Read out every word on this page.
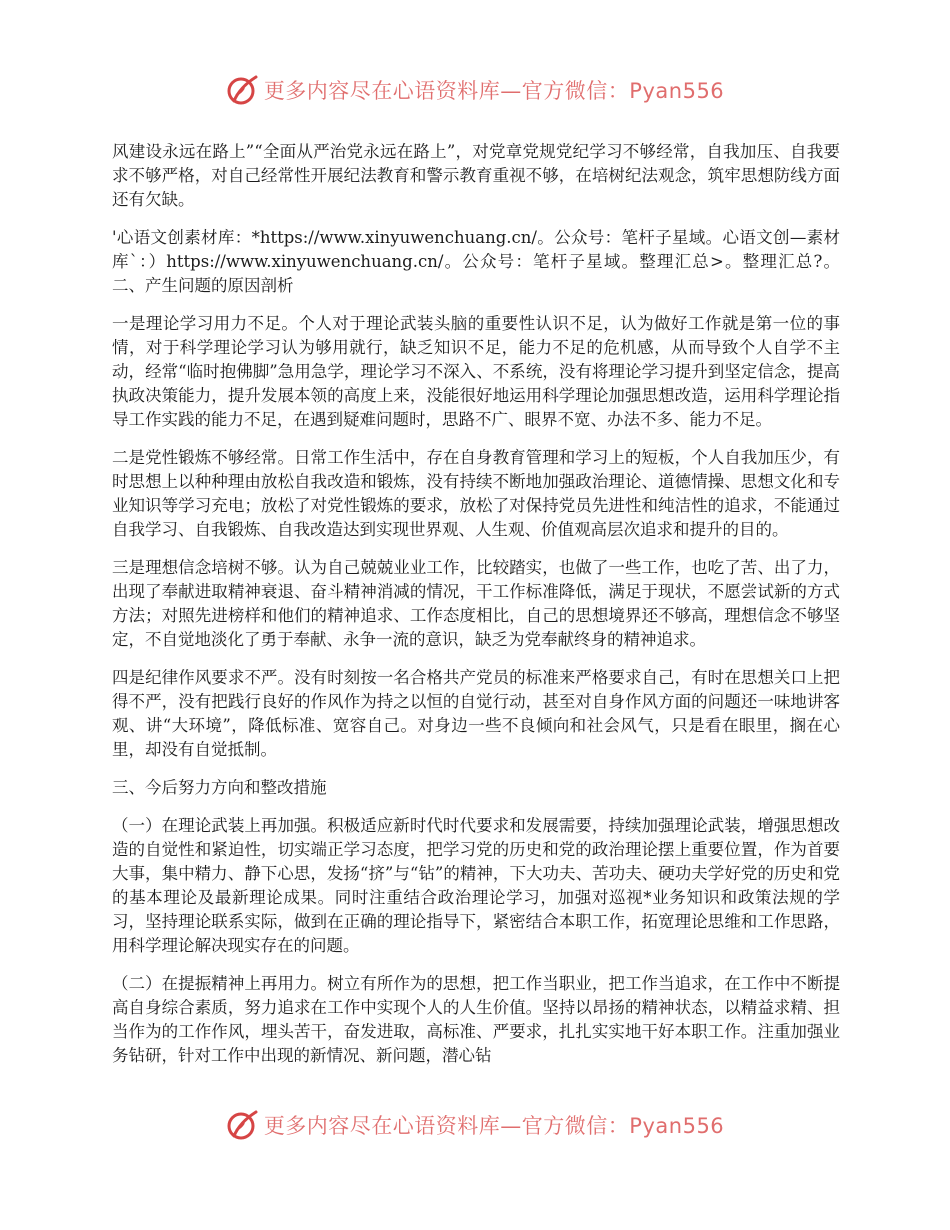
更多内容尽在心语资料库—官方微信：Pyan556

风建设永远在路上”“全面从严治党永远在路上”，对党章党规党纪学习不够经常，自我加压、自我要求不够严格，对自己经常性开展纪法教育和警示教育重视不够，在培树纪法观念，筑牢思想防线方面还有欠缺。

'心语文创素材库：*https://www.xinyuwenchuang.cn/。公众号：笔杆子星域。心语文创—素材库`：）https://www.xinyuwenchuang.cn/。公众号：笔杆子星域。整理汇总>。整理汇总?。二、产生问题的原因剖析

一是理论学习用力不足。个人对于理论武装头脑的重要性认识不足，认为做好工作就是第一位的事情，对于科学理论学习认为够用就行，缺乏知识不足，能力不足的危机感，从而导致个人自学不主动，经常“临时抱佛脚”急用急学，理论学习不深入、不系统，没有将理论学习提升到坚定信念，提高执政决策能力，提升发展本领的高度上来，没能很好地运用科学理论加强思想改造，运用科学理论指导工作实践的能力不足，在遇到疑难问题时，思路不广、眼界不宽、办法不多、能力不足。

二是党性锻炼不够经常。日常工作生活中，存在自身教育管理和学习上的短板，个人自我加压少，有时思想上以种种理由放松自我改造和锻炼，没有持续不断地加强政治理论、道德情操、思想文化和专业知识等学习充电；放松了对党性锻炼的要求，放松了对保持党员先进性和纯洁性的追求，不能通过自我学习、自我锻炼、自我改造达到实现世界观、人生观、价值观高层次追求和提升的目的。

三是理想信念培树不够。认为自己兢兢业业工作，比较踏实，也做了一些工作，也吃了苦、出了力，出现了奉献进取精神衰退、奋斗精神消减的情况，干工作标准降低，满足于现状，不愿尝试新的方式方法；对照先进榜样和他们的精神追求、工作态度相比，自己的思想境界还不够高，理想信念不够坚定，不自觉地淡化了勇于奉献、永争一流的意识，缺乏为党奉献终身的精神追求。

四是纪律作风要求不严。没有时刻按一名合格共产党员的标准来严格要求自己，有时在思想关口上把得不严，没有把践行良好的作风作为持之以恒的自觉行动，甚至对自身作风方面的问题还一味地讲客观、讲“大环境”，降低标准、宽容自己。对身边一些不良倾向和社会风气，只是看在眼里，搁在心里，却没有自觉抵制。

三、今后努力方向和整改措施

（一）在理论武装上再加强。积极适应新时代时代要求和发展需要，持续加强理论武装，增强思想改造的自觉性和紧迫性，切实端正学习态度，把学习党的历史和党的政治理论摆上重要位置，作为首要大事，集中精力、静下心思，发扬“挤”与“钻”的精神，下大功夫、苦功夫、硬功夫学好党的历史和党的基本理论及最新理论成果。同时注重结合政治理论学习，加强对巡视*业务知识和政策法规的学习，坚持理论联系实际，做到在正确的理论指导下，紧密结合本职工作，拓宽理论思维和工作思路，用科学理论解决现实存在的问题。

（二）在提振精神上再用力。树立有所作为的思想，把工作当职业，把工作当追求，在工作中不断提高自身综合素质，努力追求在工作中实现个人的人生价值。坚持以昂扬的精神状态，以精益求精、担当作为的工作作风，埋头苦干，奋发进取，高标准、严要求，扎扎实实地干好本职工作。注重加强业务钻研，针对工作中出现的新情况、新问题，潜心钻

更多内容尽在心语资料库—官方微信：Pyan556
